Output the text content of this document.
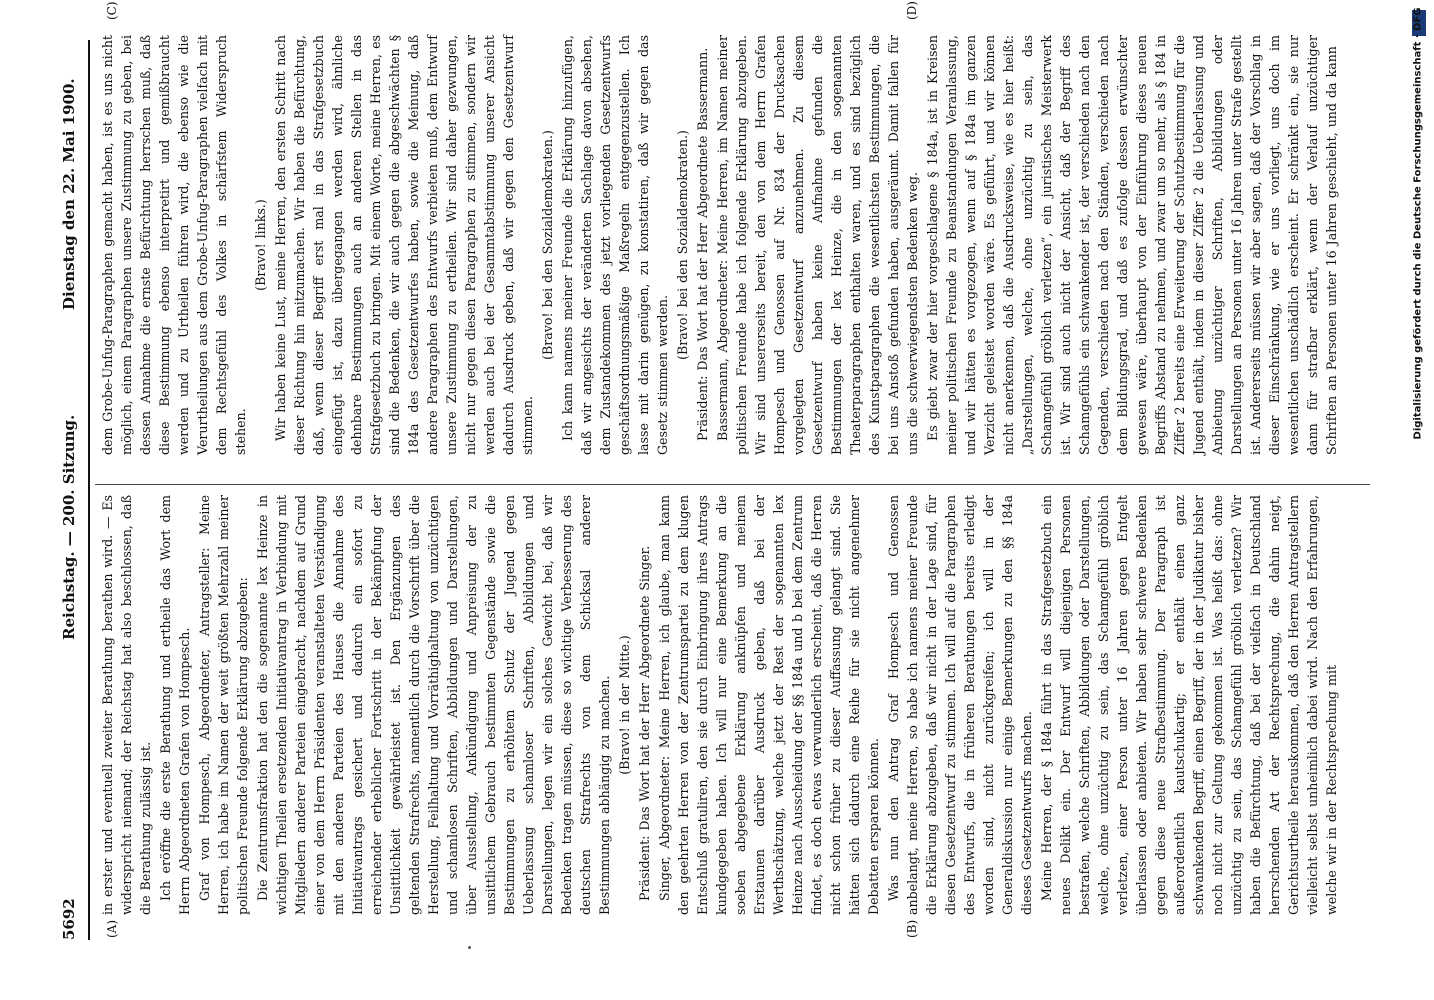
5692
Reichstag. — 200. Sitzung.
Dienstag den 22. Mai 1900.
(A)	(B)
(C)	(D)

in erster und eventuell zweiter Berathung berathen wird. — Es widerspricht niemand; der Reichstag hat also beschlossen, daß die Berathung zulässig ist. Ich eröffne die erste Berathung und ertheile das Wort dem Herrn Abgeordneten Grafen von Hompesch. Graf von Hompesch, Abgeordneter, Antragsteller: Meine Herren, ich habe im Namen der weit größten Mehrzahl meiner politischen Freunde folgende Erklärung abzugeben: Die Zentrumsfraktion hat den die sogenannte lex Heinze in wichtigen Theilen ersetzenden Initiativantrag in Verbindung mit Mitgliedern anderer Parteien eingebracht, nachdem auf Grund einer von dem Herrn Präsidenten veranstalteten Verständigung mit den anderen Parteien des Hauses die Annahme des Initiativantrags gesichert und dadurch ein sofort zu erreichender erheblicher Fortschritt in der Bekämpfung der Unsittlichkeit gewährleistet ist. Den Ergänzungen des geltenden Strafrechts, namentlich durch die Vorschrift über die Herstellung, Feilhaltung und Vorräthighaltung von unzüchtigen und schamlosen Schriften, Abbildungen und Darstellungen, über Ausstellung, Ankündigung und Anpreisung der zu unsittlichem Gebrauch bestimmten Gegenstände sowie die Bestimmungen zu erhöhtem Schutz der Jugend gegen Ueberlassung schamloser Schriften, Abbildungen und Darstellungen, legen wir ein solches Gewicht bei, daß wir Bedenken tragen müssen, diese so wichtige Verbesserung des deutschen Strafrechts von dem Schicksal anderer Bestimmungen abhängig zu machen. (Bravo! in der Mitte.) Präsident: Das Wort hat der Herr Abgeordnete Singer. Singer, Abgeordneter: Meine Herren, ich glaube, man kann den geehrten Herren von der Zentrumspartei zu dem klugen Entschluß gratuliren, den sie durch Einbringung ihres Antrags kundgegeben haben. Ich will nur eine Bemerkung an die soeben abgegebene Erklärung anknüpfen und meinem Erstaunen darüber Ausdruck geben, daß bei der Werthschätzung, welche jetzt der Rest der sogenannten lex Heinze nach Ausscheidung der §§ 184a und b bei dem Zentrum findet, es doch etwas verwunderlich erscheint, daß die Herren nicht schon früher zu dieser Auffassung gelangt sind. Sie hätten sich dadurch eine Reihe für sie nicht angenehmer Debatten ersparen können. Was nun den Antrag Graf Hompesch und Genossen anbelangt, meine Herren, so habe ich namens meiner Freunde die Erklärung abzugeben, daß wir nicht in der Lage sind, für diesen Gesetzentwurf zu stimmen. Ich will auf die Paragraphen des Entwurfs, die in früheren Berathungen bereits erledigt worden sind, nicht zurückgreifen; ich will in der Generaldiskussion nur einige Bemerkungen zu den §§ 184a dieses Gesetzentwurfs machen. Meine Herren, der § 184a führt in das Strafgesetzbuch ein neues Delikt ein. Der Entwurf will diejenigen Personen bestrafen, welche Schriften, Abbildungen oder Darstellungen, welche, ohne unzüchtig zu sein, das Schamgefühl gröblich verletzen, einer Person unter 16 Jahren gegen Entgelt überlassen oder anbieten. Wir haben sehr schwere Bedenken gegen diese neue Strafbestimmung. Der Paragraph ist außerordentlich kautschukartig; er enthält einen ganz schwankenden Begriff, einen Begriff, der in der Judikatur bisher noch nicht zur Geltung gekommen ist. Was heißt das: ohne unzüchtig zu sein, das Schamgefühl gröblich verletzen? Wir haben die Befürchtung, daß bei der vielfach in Deutschland herrschenden Art der Rechtsprechung, die dahin neigt, Gerichtsurtheile herauskommen, daß den Herren Antragstellern vielleicht selbst unheimlich dabei wird. Nach den Erfahrungen, welche wir in der Rechtsprechung mit

dem Grobe-Unfug-Paragraphen gemacht haben, ist es uns nicht möglich, einem Paragraphen unsere Zustimmung zu geben, bei dessen Annahme die ernste Befürchtung herrschen muß, daß diese Bestimmung ebenso interpretirt und gemißbraucht werden und zu Urtheilen führen wird, die ebenso wie die Verurtheilungen aus dem Grobe-Unfug-Paragraphen vielfach mit dem Rechtsgefühl des Volkes in schärfstem Widerspruch stehen.

(Bravo! links.) Wir haben keine Lust, meine Herren, den ersten Schritt nach dieser Richtung hin mitzumachen. Wir haben die Befürchtung, daß, wenn dieser Begriff erst mal in das Strafgesetzbuch eingefügt ist, dazu übergegangen werden wird, ähnliche dehnbare Bestimmungen auch an anderen Stellen in das Strafgesetzbuch zu bringen. Mit einem Worte, meine Herren, es sind die Bedenken, die wir auch gegen die abgeschwächten § 184a des Gesetzentwurfes haben, sowie die Meinung, daß andere Paragraphen des Entwurfs verbieten muß, dem Entwurf unsere Zustimmung zu ertheilen. Wir sind daher gezwungen, nicht nur gegen diesen Paragraphen zu stimmen, sondern wir werden auch bei der Gesammtabstimmung unserer Ansicht dadurch Ausdruck geben, daß wir gegen den Gesetzentwurf stimmen.

(Bravo! bei den Sozialdemokraten.) Ich kann namens meiner Freunde die Erklärung hinzufügen, daß wir angesichts der veränderten Sachlage davon absehen, dem Zustandekommen des jetzt vorliegenden Gesetzentwurfs geschäftsordnungsmäßige Maßregeln entgegenzustellen. Ich lasse mit darin genügen, zu konstatiren, daß wir gegen das Gesetz stimmen werden.

(Bravo! bei den Sozialdemokraten.) Präsident: Das Wort hat der Herr Abgeordnete Bassermann. Bassermann, Abgeordneter: Meine Herren, im Namen meiner politischen Freunde habe ich folgende Erklärung abzugeben. Wir sind unsererseits bereit, den von dem Herrn Grafen Hompesch und Genossen auf Nr. 834 der Drucksachen vorgelegten Gesetzentwurf anzunehmen. Zu diesem Gesetzentwurf haben keine Aufnahme gefunden die Bestimmungen der lex Heinze, die in den sogenannten Theaterparagraphen enthalten waren, und es sind bezüglich des Kunstparagraphen die wesentlichsten Bestimmungen, die bei uns Anstoß gefunden haben, ausgeräumt. Damit fallen für uns die schwerwiegendsten Bedenken weg. Es giebt zwar der hier vorgeschlagene § 184a, ist in Kreisen meiner politischen Freunde zu Beanstandungen Veranlassung, und wir hätten es vorgezogen, wenn auf § 184a im ganzen Verzicht geleistet worden wäre. Es geführt, und wir können nicht anerkennen, daß die Ausdrucksweise, wie es hier heißt: „Darstellungen, welche, ohne unzüchtig zu sein, das Schamgefühl gröblich verletzen“, ein juristisches Meisterwerk ist. Wir sind auch nicht der Ansicht, daß der Begriff des Schamgefühls ein schwankender ist, der verschieden nach den Gegenden, verschieden nach den Ständen, verschieden nach dem Bildungsgrad, und daß es zufolge dessen erwünschter gewesen wäre, überhaupt von der Einführung dieses neuen Begriffs Abstand zu nehmen, und zwar um so mehr, als § 184 in Ziffer 2 bereits eine Erweiterung der Schutzbestimmung für die Jugend enthält, indem in dieser Ziffer 2 die Ueberlassung und Anbietung unzüchtiger Schriften, Abbildungen oder Darstellungen an Personen unter 16 Jahren unter Strafe gestellt ist. Andererseits müssen wir aber sagen, daß der Vorschlag in dieser Einschränkung, wie er uns vorliegt, uns doch im wesentlichen unschädlich erscheint. Er schränkt ein, sie nur dann für strafbar erklärt, wenn der Verlauf unzüchtiger Schriften an Personen unter 16 Jahren geschieht, und da kann	Digitalisierung gefördert durch die Deutsche Forschungsgemeinschaft · DFG
